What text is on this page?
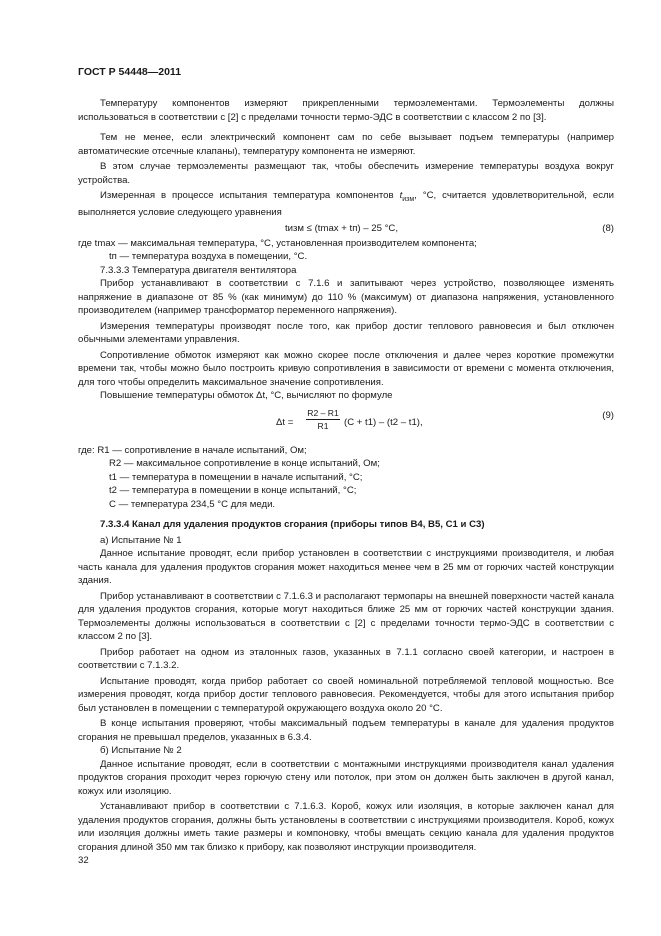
ГОСТ Р 54448—2011

Температуру компонентов измеряют прикрепленными термоэлементами. Термоэлементы должны использоваться в соответствии с [2] с пределами точности термо-ЭДС в соответствии с классом 2 по [3].

Тем не менее, если электрический компонент сам по себе вызывает подъем температуры (например автоматические отсечные клапаны), температуру компонента не измеряют.

В этом случае термоэлементы размещают так, чтобы обеспечить измерение температуры воздуха вокруг устройства.

Измеренная в процессе испытания температура компонентов $t_{изм}$, °С, считается удовлетворительной, если выполняется условие следующего уравнения

tизм ≤ (tmax + tп) – 25 °С,	(8)

где tmax — максимальная температура, °С, установленная производителем компонента;

tп — температура воздуха в помещении, °С.

7.3.3.3 Температура двигателя вентилятора

Прибор устанавливают в соответствии с 7.1.6 и запитывают через устройство, позволяющее изменять напряжение в диапазоне от 85 % (как минимум) до 110 % (максимум) от диапазона напряжения, установленного производителем (например трансформатор переменного напряжения).

Измерения температуры производят после того, как прибор достиг теплового равновесия и был отключен обычными элементами управления.

Сопротивление обмоток измеряют как можно скорее после отключения и далее через короткие промежутки времени так, чтобы можно было построить кривую сопротивления в зависимости от времени с момента отключения, для того чтобы определить максимальное значение сопротивления.

Повышение температуры обмоток Δt, °С, вычисляют по формуле

$\Delta t = \frac{R2 - R1}{R1} (С + t1) - (t2 - t1)$,
(9)

где: R1 — сопротивление в начале испытаний, Ом;

R2 — максимальное сопротивление в конце испытаний, Ом;

t1 — температура в помещении в начале испытаний, °С;

t2 — температура в помещении в конце испытаний, °С;

С — температура 234,5 °С для меди.

7.3.3.4 Канал для удаления продуктов сгорания (приборы типов B4, B5, C1 и C3)

а) Испытание № 1

Данное испытание проводят, если прибор установлен в соответствии с инструкциями производителя, и любая часть канала для удаления продуктов сгорания может находиться менее чем в 25 мм от горючих частей конструкции здания.

Прибор устанавливают в соответствии с 7.1.6.3 и располагают термопары на внешней поверхности частей канала для удаления продуктов сгорания, которые могут находиться ближе 25 мм от горючих частей конструкции здания. Термоэлементы должны использоваться в соответствии с [2] с пределами точности термо-ЭДС в соответствии с классом 2 по [3].

Прибор работает на одном из эталонных газов, указанных в 7.1.1 согласно своей категории, и настроен в соответствии с 7.1.3.2.

Испытание проводят, когда прибор работает со своей номинальной потребляемой тепловой мощностью. Все измерения проводят, когда прибор достиг теплового равновесия. Рекомендуется, чтобы для этого испытания прибор был установлен в помещении с температурой окружающего воздуха около 20 °С.

В конце испытания проверяют, чтобы максимальный подъем температуры в канале для удаления продуктов сгорания не превышал пределов, указанных в 6.3.4.

б) Испытание № 2

Данное испытание проводят, если в соответствии с монтажными инструкциями производителя канал удаления продуктов сгорания проходит через горючую стену или потолок, при этом он должен быть заключен в другой канал, кожух или изоляцию.

Устанавливают прибор в соответствии с 7.1.6.3. Короб, кожух или изоляция, в которые заключен канал для удаления продуктов сгорания, должны быть установлены в соответствии с инструкциями производителя. Короб, кожух или изоляция должны иметь такие размеры и компоновку, чтобы вмещать секцию канала для удаления продуктов сгорания длиной 350 мм так близко к прибору, как позволяют инструкции производителя.

32
